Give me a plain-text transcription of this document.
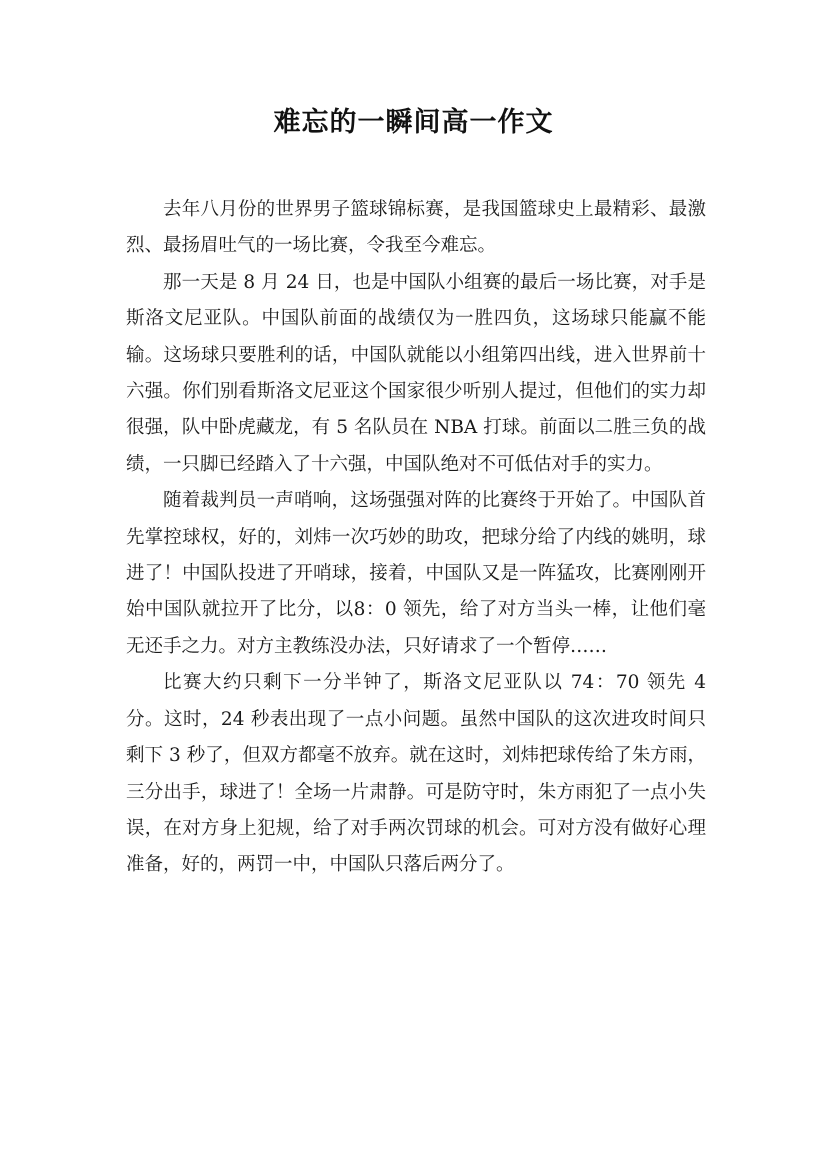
难忘的一瞬间高一作文

去年八月份的世界男子篮球锦标赛，是我国篮球史上最精彩、最激烈、最扬眉吐气的一场比赛，令我至今难忘。

那一天是 8 月 24 日，也是中国队小组赛的最后一场比赛，对手是斯洛文尼亚队。中国队前面的战绩仅为一胜四负，这场球只能赢不能输。这场球只要胜利的话，中国队就能以小组第四出线，进入世界前十六强。你们别看斯洛文尼亚这个国家很少听别人提过，但他们的实力却很强，队中卧虎藏龙，有 5 名队员在 NBA 打球。前面以二胜三负的战绩，一只脚已经踏入了十六强，中国队绝对不可低估对手的实力。

随着裁判员一声哨响，这场强强对阵的比赛终于开始了。中国队首先掌控球权，好的，刘炜一次巧妙的助攻，把球分给了内线的姚明，球进了！中国队投进了开哨球，接着，中国队又是一阵猛攻，比赛刚刚开始中国队就拉开了比分，以8：0 领先，给了对方当头一棒，让他们毫无还手之力。对方主教练没办法，只好请求了一个暂停……

比赛大约只剩下一分半钟了，斯洛文尼亚队以 74：70 领先 4 分。这时，24 秒表出现了一点小问题。虽然中国队的这次进攻时间只剩下 3 秒了，但双方都毫不放弃。就在这时，刘炜把球传给了朱方雨，三分出手，球进了！全场一片肃静。可是防守时，朱方雨犯了一点小失误，在对方身上犯规，给了对手两次罚球的机会。可对方没有做好心理准备，好的，两罚一中，中国队只落后两分了。
